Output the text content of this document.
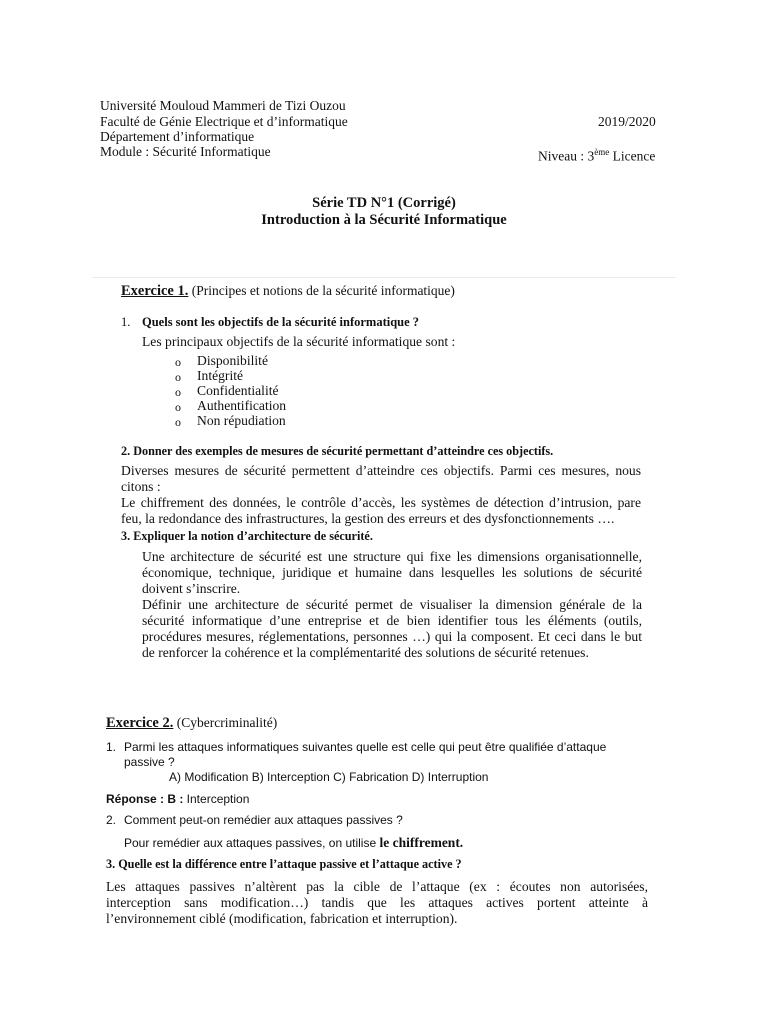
Université Mouloud Mammeri de Tizi Ouzou
Faculté de Génie Electrique et d’informatique
Département d’informatique
Module : Sécurité Informatique
2019/2020
Niveau : 3ème Licence
Série TD N°1 (Corrigé)
Introduction à la Sécurité Informatique
Exercice 1. (Principes et notions de la sécurité informatique)
1. Quels sont les objectifs de la sécurité informatique ?
Les principaux objectifs de la sécurité informatique sont :
o Disponibilité
o Intégrité
o Confidentialité
o Authentification
o Non répudiation
2. Donner des exemples de mesures de sécurité permettant d’atteindre ces objectifs.
Diverses mesures de sécurité permettent d’atteindre ces objectifs. Parmi ces mesures, nous
citons :
Le chiffrement des données, le contrôle d’accès, les systèmes de détection d’intrusion, pare
feu, la redondance des infrastructures, la gestion des erreurs et des dysfonctionnements ….
3. Expliquer la notion d’architecture de sécurité.
Une architecture de sécurité est une structure qui fixe les dimensions organisationnelle,
économique, technique, juridique et humaine dans lesquelles les solutions de sécurité
doivent s’inscrire.
Définir une architecture de sécurité permet de visualiser la dimension générale de la
sécurité informatique d’une entreprise et de bien identifier tous les éléments (outils,
procédures mesures, réglementations, personnes …) qui la composent. Et ceci dans le but
de renforcer la cohérence et la complémentarité des solutions de sécurité retenues.
Exercice 2. (Cybercriminalité)
1. Parmi les attaques informatiques suivantes quelle est celle qui peut être qualifiée d’attaque
passive ?
A) Modification B) Interception C) Fabrication D) Interruption
Réponse : B : Interception
2. Comment peut-on remédier aux attaques passives ?
Pour remédier aux attaques passives, on utilise le chiffrement.
3. Quelle est la différence entre l’attaque passive et l’attaque active ?
Les attaques passives n’altèrent pas la cible de l’attaque (ex : écoutes non autorisées,
interception sans modification…) tandis que les attaques actives portent atteinte à
l’environnement ciblé (modification, fabrication et interruption).
